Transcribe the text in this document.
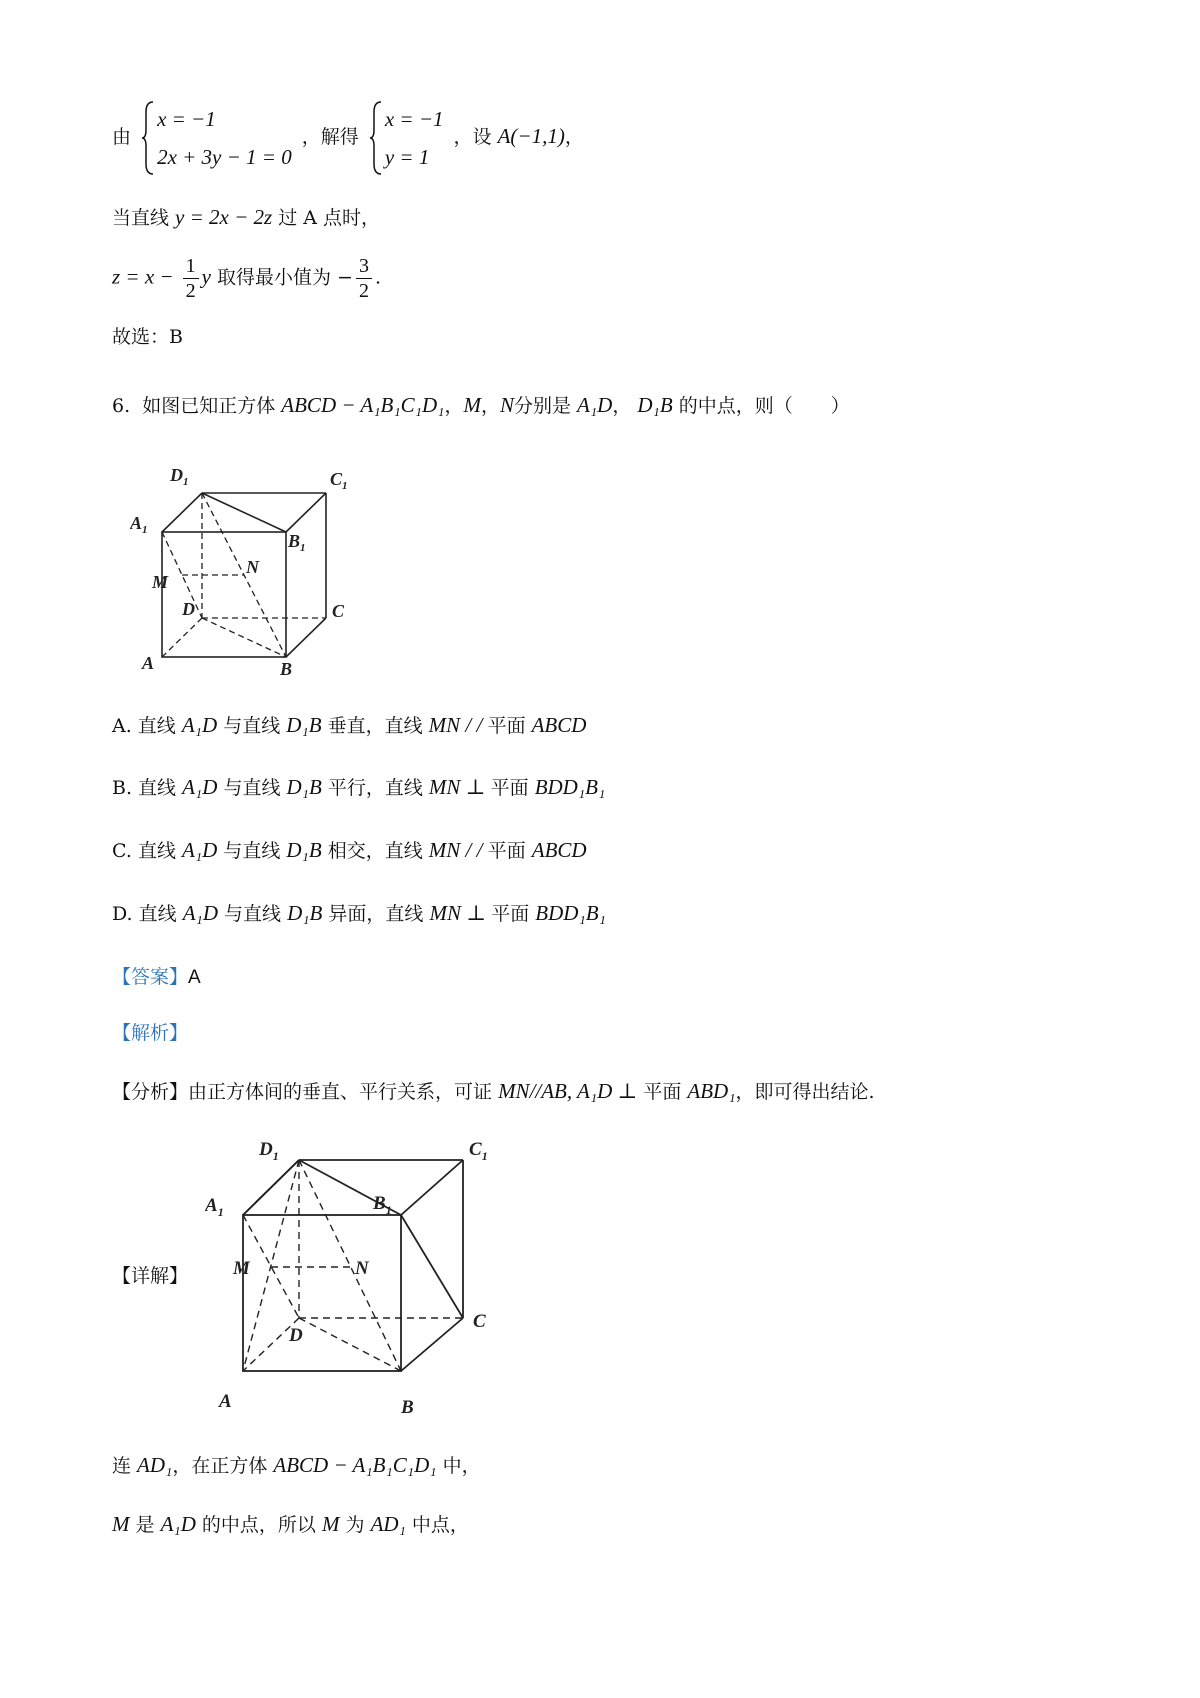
由
x = −1
2x + 3y − 1 = 0
，解得
x = −1
y = 1
，设 A(−1,1)，
当直线 y = 2x − 2z 过 A 点时，
$z = x - \frac{1}{2}$ y 取得最小值为 − $\frac{3}{2}$ .
故选：B
6. 如图已知正方体 ABCD − A₁B₁C₁D₁，M，N分别是 A₁D， D₁B 的中点，则（　　）
$D_1$	$C_1$
$A_1$
$B_1$
N
M
D	C
A	B
A. 直线 A₁D 与直线 D₁B 垂直，直线 MN / / 平面 ABCD
B. 直线 A₁D 与直线 D₁B 平行，直线 MN ⊥ 平面 BDD₁B₁
C. 直线 A₁D 与直线 D₁B 相交，直线 MN / / 平面 ABCD
D. 直线 A₁D 与直线 D₁B 异面，直线 MN ⊥ 平面 BDD₁B₁
【答案】A
【解析】
【分析】由正方体间的垂直、平行关系，可证 MN//AB, A₁D ⊥ 平面 ABD₁，即可得出结论.
【详解】
$D_1$	$C_1$
$A_1$	$B_1$
M	N
D
C
A	B
连 AD₁，在正方体 ABCD − A₁B₁C₁D₁ 中，
M 是 A₁D 的中点，所以 M 为 AD₁ 中点，
